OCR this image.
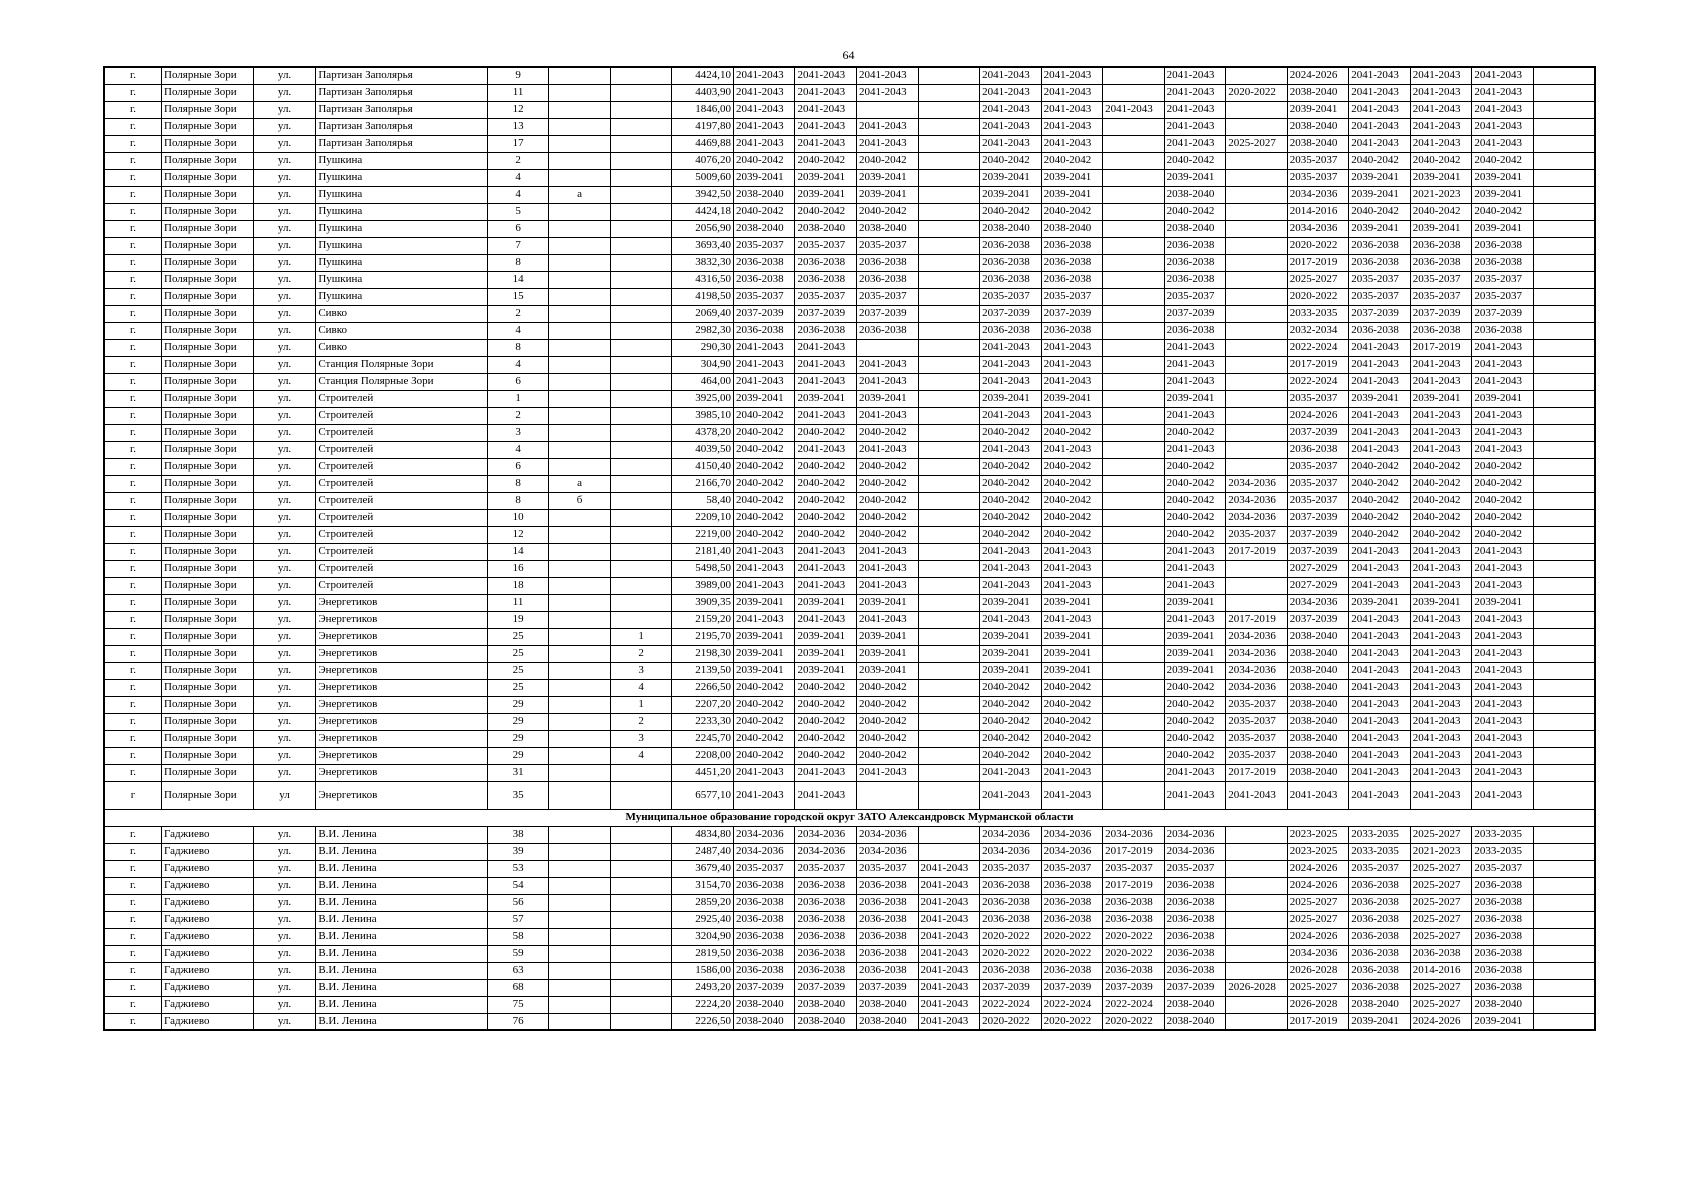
64
г.	Полярные Зори	ул.	Партизан Заполярья	9			4424,10	2041-2043	2041-2043	2041-2043		2041-2043	2041-2043		2041-2043		2024-2026	2041-2043	2041-2043	2041-2043	
г.	Полярные Зори	ул.	Партизан Заполярья	11			4403,90	2041-2043	2041-2043	2041-2043		2041-2043	2041-2043		2041-2043	2020-2022	2038-2040	2041-2043	2041-2043	2041-2043	
г.	Полярные Зори	ул.	Партизан Заполярья	12			1846,00	2041-2043	2041-2043			2041-2043	2041-2043	2041-2043	2041-2043		2039-2041	2041-2043	2041-2043	2041-2043	
г.	Полярные Зори	ул.	Партизан Заполярья	13			4197,80	2041-2043	2041-2043	2041-2043		2041-2043	2041-2043		2041-2043		2038-2040	2041-2043	2041-2043	2041-2043	
г.	Полярные Зори	ул.	Партизан Заполярья	17			4469,88	2041-2043	2041-2043	2041-2043		2041-2043	2041-2043		2041-2043	2025-2027	2038-2040	2041-2043	2041-2043	2041-2043	
г.	Полярные Зори	ул.	Пушкина	2			4076,20	2040-2042	2040-2042	2040-2042		2040-2042	2040-2042		2040-2042		2035-2037	2040-2042	2040-2042	2040-2042	
г.	Полярные Зори	ул.	Пушкина	4			5009,60	2039-2041	2039-2041	2039-2041		2039-2041	2039-2041		2039-2041		2035-2037	2039-2041	2039-2041	2039-2041	
г.	Полярные Зори	ул.	Пушкина	4	а		3942,50	2038-2040	2039-2041	2039-2041		2039-2041	2039-2041		2038-2040		2034-2036	2039-2041	2021-2023	2039-2041	
г.	Полярные Зори	ул.	Пушкина	5			4424,18	2040-2042	2040-2042	2040-2042		2040-2042	2040-2042		2040-2042		2014-2016	2040-2042	2040-2042	2040-2042	
г.	Полярные Зори	ул.	Пушкина	6			2056,90	2038-2040	2038-2040	2038-2040		2038-2040	2038-2040		2038-2040		2034-2036	2039-2041	2039-2041	2039-2041	
г.	Полярные Зори	ул.	Пушкина	7			3693,40	2035-2037	2035-2037	2035-2037		2036-2038	2036-2038		2036-2038		2020-2022	2036-2038	2036-2038	2036-2038	
г.	Полярные Зори	ул.	Пушкина	8			3832,30	2036-2038	2036-2038	2036-2038		2036-2038	2036-2038		2036-2038		2017-2019	2036-2038	2036-2038	2036-2038	
г.	Полярные Зори	ул.	Пушкина	14			4316,50	2036-2038	2036-2038	2036-2038		2036-2038	2036-2038		2036-2038		2025-2027	2035-2037	2035-2037	2035-2037	
г.	Полярные Зори	ул.	Пушкина	15			4198,50	2035-2037	2035-2037	2035-2037		2035-2037	2035-2037		2035-2037		2020-2022	2035-2037	2035-2037	2035-2037	
г.	Полярные Зори	ул.	Сивко	2			2069,40	2037-2039	2037-2039	2037-2039		2037-2039	2037-2039		2037-2039		2033-2035	2037-2039	2037-2039	2037-2039	
г.	Полярные Зори	ул.	Сивко	4			2982,30	2036-2038	2036-2038	2036-2038		2036-2038	2036-2038		2036-2038		2032-2034	2036-2038	2036-2038	2036-2038	
г.	Полярные Зори	ул.	Сивко	8			290,30	2041-2043	2041-2043			2041-2043	2041-2043		2041-2043		2022-2024	2041-2043	2017-2019	2041-2043	
г.	Полярные Зори	ул.	Станция Полярные Зори	4			304,90	2041-2043	2041-2043	2041-2043		2041-2043	2041-2043		2041-2043		2017-2019	2041-2043	2041-2043	2041-2043	
г.	Полярные Зори	ул.	Станция Полярные Зори	6			464,00	2041-2043	2041-2043	2041-2043		2041-2043	2041-2043		2041-2043		2022-2024	2041-2043	2041-2043	2041-2043	
г.	Полярные Зори	ул.	Строителей	1			3925,00	2039-2041	2039-2041	2039-2041		2039-2041	2039-2041		2039-2041		2035-2037	2039-2041	2039-2041	2039-2041	
г.	Полярные Зори	ул.	Строителей	2			3985,10	2040-2042	2041-2043	2041-2043		2041-2043	2041-2043		2041-2043		2024-2026	2041-2043	2041-2043	2041-2043	
г.	Полярные Зори	ул.	Строителей	3			4378,20	2040-2042	2040-2042	2040-2042		2040-2042	2040-2042		2040-2042		2037-2039	2041-2043	2041-2043	2041-2043	
г.	Полярные Зори	ул.	Строителей	4			4039,50	2040-2042	2041-2043	2041-2043		2041-2043	2041-2043		2041-2043		2036-2038	2041-2043	2041-2043	2041-2043	
г.	Полярные Зори	ул.	Строителей	6			4150,40	2040-2042	2040-2042	2040-2042		2040-2042	2040-2042		2040-2042		2035-2037	2040-2042	2040-2042	2040-2042	
г.	Полярные Зори	ул.	Строителей	8	а		2166,70	2040-2042	2040-2042	2040-2042		2040-2042	2040-2042		2040-2042	2034-2036	2035-2037	2040-2042	2040-2042	2040-2042	
г.	Полярные Зори	ул.	Строителей	8	б		58,40	2040-2042	2040-2042	2040-2042		2040-2042	2040-2042		2040-2042	2034-2036	2035-2037	2040-2042	2040-2042	2040-2042	
г.	Полярные Зори	ул.	Строителей	10			2209,10	2040-2042	2040-2042	2040-2042		2040-2042	2040-2042		2040-2042	2034-2036	2037-2039	2040-2042	2040-2042	2040-2042	
г.	Полярные Зори	ул.	Строителей	12			2219,00	2040-2042	2040-2042	2040-2042		2040-2042	2040-2042		2040-2042	2035-2037	2037-2039	2040-2042	2040-2042	2040-2042	
г.	Полярные Зори	ул.	Строителей	14			2181,40	2041-2043	2041-2043	2041-2043		2041-2043	2041-2043		2041-2043	2017-2019	2037-2039	2041-2043	2041-2043	2041-2043	
г.	Полярные Зори	ул.	Строителей	16			5498,50	2041-2043	2041-2043	2041-2043		2041-2043	2041-2043		2041-2043		2027-2029	2041-2043	2041-2043	2041-2043	
г.	Полярные Зори	ул.	Строителей	18			3989,00	2041-2043	2041-2043	2041-2043		2041-2043	2041-2043		2041-2043		2027-2029	2041-2043	2041-2043	2041-2043	
г.	Полярные Зори	ул.	Энергетиков	11			3909,35	2039-2041	2039-2041	2039-2041		2039-2041	2039-2041		2039-2041		2034-2036	2039-2041	2039-2041	2039-2041	
г.	Полярные Зори	ул.	Энергетиков	19			2159,20	2041-2043	2041-2043	2041-2043		2041-2043	2041-2043		2041-2043	2017-2019	2037-2039	2041-2043	2041-2043	2041-2043	
г.	Полярные Зори	ул.	Энергетиков	25		1	2195,70	2039-2041	2039-2041	2039-2041		2039-2041	2039-2041		2039-2041	2034-2036	2038-2040	2041-2043	2041-2043	2041-2043	
г.	Полярные Зори	ул.	Энергетиков	25		2	2198,30	2039-2041	2039-2041	2039-2041		2039-2041	2039-2041		2039-2041	2034-2036	2038-2040	2041-2043	2041-2043	2041-2043	
г.	Полярные Зори	ул.	Энергетиков	25		3	2139,50	2039-2041	2039-2041	2039-2041		2039-2041	2039-2041		2039-2041	2034-2036	2038-2040	2041-2043	2041-2043	2041-2043	
г.	Полярные Зори	ул.	Энергетиков	25		4	2266,50	2040-2042	2040-2042	2040-2042		2040-2042	2040-2042		2040-2042	2034-2036	2038-2040	2041-2043	2041-2043	2041-2043	
г.	Полярные Зори	ул.	Энергетиков	29		1	2207,20	2040-2042	2040-2042	2040-2042		2040-2042	2040-2042		2040-2042	2035-2037	2038-2040	2041-2043	2041-2043	2041-2043	
г.	Полярные Зори	ул.	Энергетиков	29		2	2233,30	2040-2042	2040-2042	2040-2042		2040-2042	2040-2042		2040-2042	2035-2037	2038-2040	2041-2043	2041-2043	2041-2043	
г.	Полярные Зори	ул.	Энергетиков	29		3	2245,70	2040-2042	2040-2042	2040-2042		2040-2042	2040-2042		2040-2042	2035-2037	2038-2040	2041-2043	2041-2043	2041-2043	
г.	Полярные Зори	ул.	Энергетиков	29		4	2208,00	2040-2042	2040-2042	2040-2042		2040-2042	2040-2042		2040-2042	2035-2037	2038-2040	2041-2043	2041-2043	2041-2043	
г.	Полярные Зори	ул.	Энергетиков	31			4451,20	2041-2043	2041-2043	2041-2043		2041-2043	2041-2043		2041-2043	2017-2019	2038-2040	2041-2043	2041-2043	2041-2043	
г	Полярные Зори	ул	Энергетиков	35			6577,10	2041-2043	2041-2043			2041-2043	2041-2043		2041-2043	2041-2043	2041-2043	2041-2043	2041-2043	2041-2043	
Муниципальное образование городской округ ЗАТО Александровск Мурманской области																					
г.	Гаджиево	ул.	В.И. Ленина	38			4834,80	2034-2036	2034-2036	2034-2036		2034-2036	2034-2036	2034-2036	2034-2036		2023-2025	2033-2035	2025-2027	2033-2035	
г.	Гаджиево	ул.	В.И. Ленина	39			2487,40	2034-2036	2034-2036	2034-2036		2034-2036	2034-2036	2017-2019	2034-2036		2023-2025	2033-2035	2021-2023	2033-2035	
г.	Гаджиево	ул.	В.И. Ленина	53			3679,40	2035-2037	2035-2037	2035-2037	2041-2043	2035-2037	2035-2037	2035-2037	2035-2037		2024-2026	2035-2037	2025-2027	2035-2037	
г.	Гаджиево	ул.	В.И. Ленина	54			3154,70	2036-2038	2036-2038	2036-2038	2041-2043	2036-2038	2036-2038	2017-2019	2036-2038		2024-2026	2036-2038	2025-2027	2036-2038	
г.	Гаджиево	ул.	В.И. Ленина	56			2859,20	2036-2038	2036-2038	2036-2038	2041-2043	2036-2038	2036-2038	2036-2038	2036-2038		2025-2027	2036-2038	2025-2027	2036-2038	
г.	Гаджиево	ул.	В.И. Ленина	57			2925,40	2036-2038	2036-2038	2036-2038	2041-2043	2036-2038	2036-2038	2036-2038	2036-2038		2025-2027	2036-2038	2025-2027	2036-2038	
г.	Гаджиево	ул.	В.И. Ленина	58			3204,90	2036-2038	2036-2038	2036-2038	2041-2043	2020-2022	2020-2022	2020-2022	2036-2038		2024-2026	2036-2038	2025-2027	2036-2038	
г.	Гаджиево	ул.	В.И. Ленина	59			2819,50	2036-2038	2036-2038	2036-2038	2041-2043	2020-2022	2020-2022	2020-2022	2036-2038		2034-2036	2036-2038	2036-2038	2036-2038	
г.	Гаджиево	ул.	В.И. Ленина	63			1586,00	2036-2038	2036-2038	2036-2038	2041-2043	2036-2038	2036-2038	2036-2038	2036-2038		2026-2028	2036-2038	2014-2016	2036-2038	
г.	Гаджиево	ул.	В.И. Ленина	68			2493,20	2037-2039	2037-2039	2037-2039	2041-2043	2037-2039	2037-2039	2037-2039	2037-2039	2026-2028	2025-2027	2036-2038	2025-2027	2036-2038	
г.	Гаджиево	ул.	В.И. Ленина	75			2224,20	2038-2040	2038-2040	2038-2040	2041-2043	2022-2024	2022-2024	2022-2024	2038-2040		2026-2028	2038-2040	2025-2027	2038-2040	
г.	Гаджиево	ул.	В.И. Ленина	76			2226,50	2038-2040	2038-2040	2038-2040	2041-2043	2020-2022	2020-2022	2020-2022	2038-2040		2017-2019	2039-2041	2024-2026	2039-2041	
